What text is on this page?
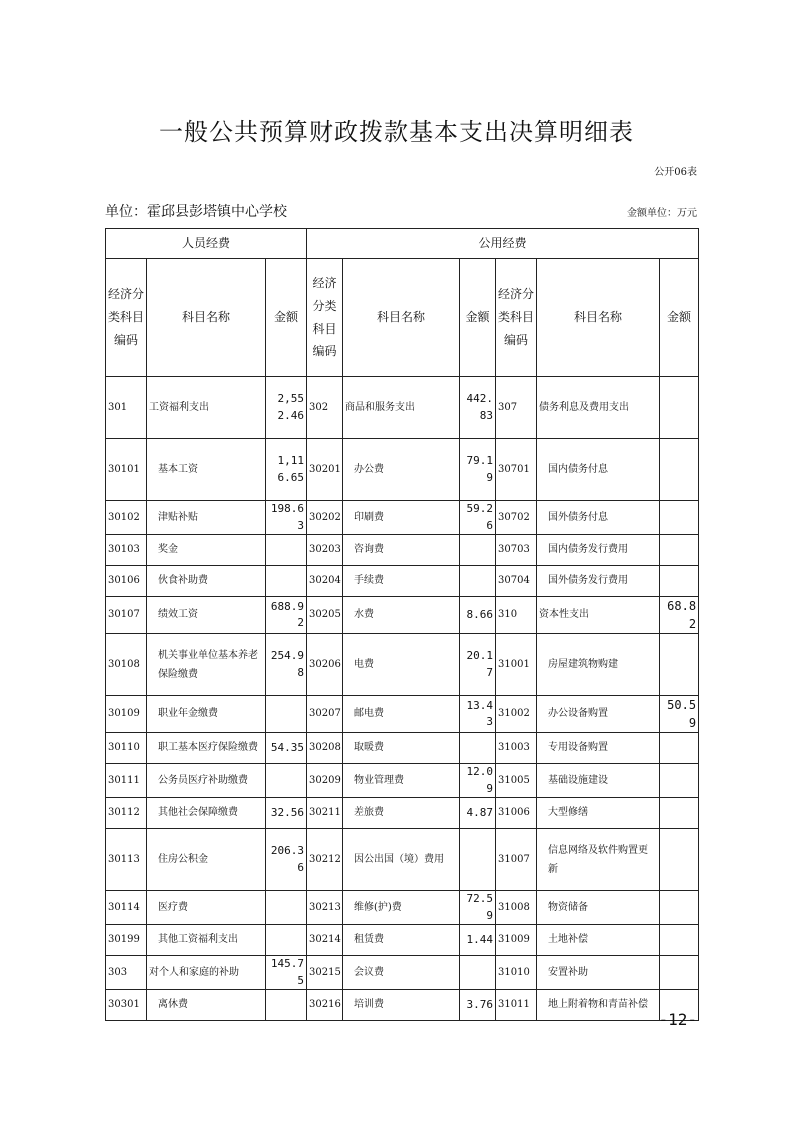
一般公共预算财政拨款基本支出决算明细表
公开06表
单位：霍邱县彭塔镇中心学校	金额单位：万元
人员经费			公用经费					
经济分类科目编码	科目名称	金额	经济分类科目编码	科目名称	金额	经济分类科目编码	科目名称	金额
301	工资福利支出	2,552.46	302	商品和服务支出	442.83	307	债务利息及费用支出	
30101	基本工资	1,116.65	30201	办公费	79.19	30701	国内债务付息	
30102	津贴补贴	198.63	30202	印刷费	59.26	30702	国外债务付息	
30103	奖金		30203	咨询费		30703	国内债务发行费用	
30106	伙食补助费		30204	手续费		30704	国外债务发行费用	
30107	绩效工资	688.92	30205	水费	8.66	310	资本性支出	68.82
30108	机关事业单位基本养老保险缴费	254.98	30206	电费	20.17	31001	房屋建筑物购建	
30109	职业年金缴费		30207	邮电费	13.43	31002	办公设备购置	50.59
30110	职工基本医疗保险缴费	54.35	30208	取暖费		31003	专用设备购置	
30111	公务员医疗补助缴费		30209	物业管理费	12.09	31005	基础设施建设	
30112	其他社会保障缴费	32.56	30211	差旅费	4.87	31006	大型修缮	
30113	住房公积金	206.36	30212	因公出国（境）费用		31007	信息网络及软件购置更新	
30114	医疗费		30213	维修(护)费	72.59	31008	物资储备	
30199	其他工资福利支出		30214	租赁费	1.44	31009	土地补偿	
303	对个人和家庭的补助	145.75	30215	会议费		31010	安置补助	
30301	离休费		30216	培训费	3.76	31011	地上附着物和青苗补偿	
-12-
